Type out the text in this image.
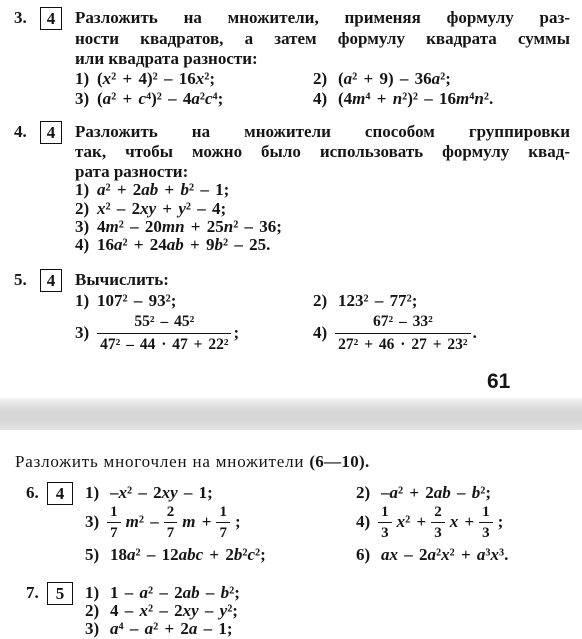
3.	4	Разложить на множители, применяя формулу раз-
ности квадратов, а затем формулу квадрата суммы
или квадрата разности:
1) (x² + 4)² – 16x²;	2) (a² + 9) – 36a²;
3) (a² + c⁴)² – 4a²c⁴;	4) (4m⁴ + n²)² – 16m⁴n².
4.	4	Разложить на множители способом группировки
так, чтобы можно было использовать формулу квад-
рата разности:
1) a² + 2ab + b² – 1;
2) x² – 2xy + y² – 4;
3) 4m² – 20mn + 25n² – 36;
4) 16a² + 24ab + 9b² – 25.
5.	4	Вычислить:
1) 107² – 93²;	2) 123² – 77²;
$3) \frac{\text{55² – 45²}}{\text{47² – 44 · 47 + 22²}}$ ;	$4) \frac{\text{67² – 33²}}{\text{27² + 46 · 27 + 23²}}$ .
61
Разложить многочлен на множители (6—10).
6.	4	1) –x² – 2xy – 1;	2) –a² + 2ab – b²;
$3) \frac{1}{7} m^2 - \frac{2}{7}$ $m + \frac{1}{7}$ ;	$4) \frac{1}{3} x^2 + \frac{2}{3}$ $x + \frac{1}{3}$ ;
5) 18a² – 12abc + 2b²c²;	6) ax – 2a²x² + a³x³.
7.	5	1) 1 – a² – 2ab – b²;
2) 4 – x² – 2xy – y²;
3) a⁴ – a² + 2a – 1;
